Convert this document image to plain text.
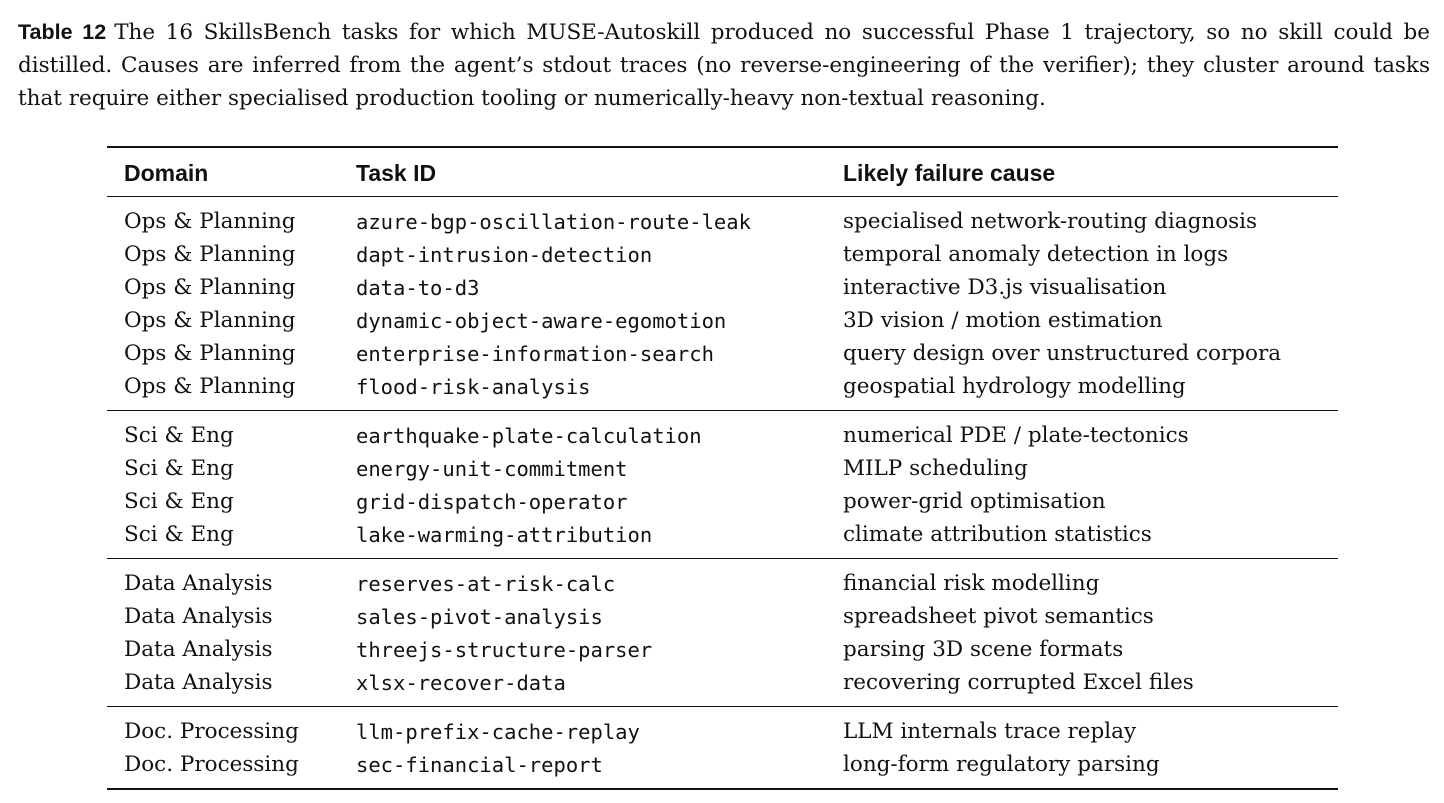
Table 12 The 16 SkillsBench tasks for which MUSE-Autoskill produced no successful Phase 1 trajectory, so no skill could be distilled. Causes are inferred from the agent’s stdout traces (no reverse-engineering of the verifier); they cluster around tasks that require either specialised production tooling or numerically-heavy non-textual reasoning.
Domain	Task ID	Likely failure cause
Ops & Planning	azure-bgp-oscillation-route-leak	specialised network-routing diagnosis
Ops & Planning	dapt-intrusion-detection	temporal anomaly detection in logs
Ops & Planning	data-to-d3	interactive D3.js visualisation
Ops & Planning	dynamic-object-aware-egomotion	3D vision / motion estimation
Ops & Planning	enterprise-information-search	query design over unstructured corpora
Ops & Planning	flood-risk-analysis	geospatial hydrology modelling
Sci & Eng	earthquake-plate-calculation	numerical PDE / plate-tectonics
Sci & Eng	energy-unit-commitment	MILP scheduling
Sci & Eng	grid-dispatch-operator	power-grid optimisation
Sci & Eng	lake-warming-attribution	climate attribution statistics
Data Analysis	reserves-at-risk-calc	financial risk modelling
Data Analysis	sales-pivot-analysis	spreadsheet pivot semantics
Data Analysis	threejs-structure-parser	parsing 3D scene formats
Data Analysis	xlsx-recover-data	recovering corrupted Excel files
Doc. Processing	llm-prefix-cache-replay	LLM internals trace replay
Doc. Processing	sec-financial-report	long-form regulatory parsing
